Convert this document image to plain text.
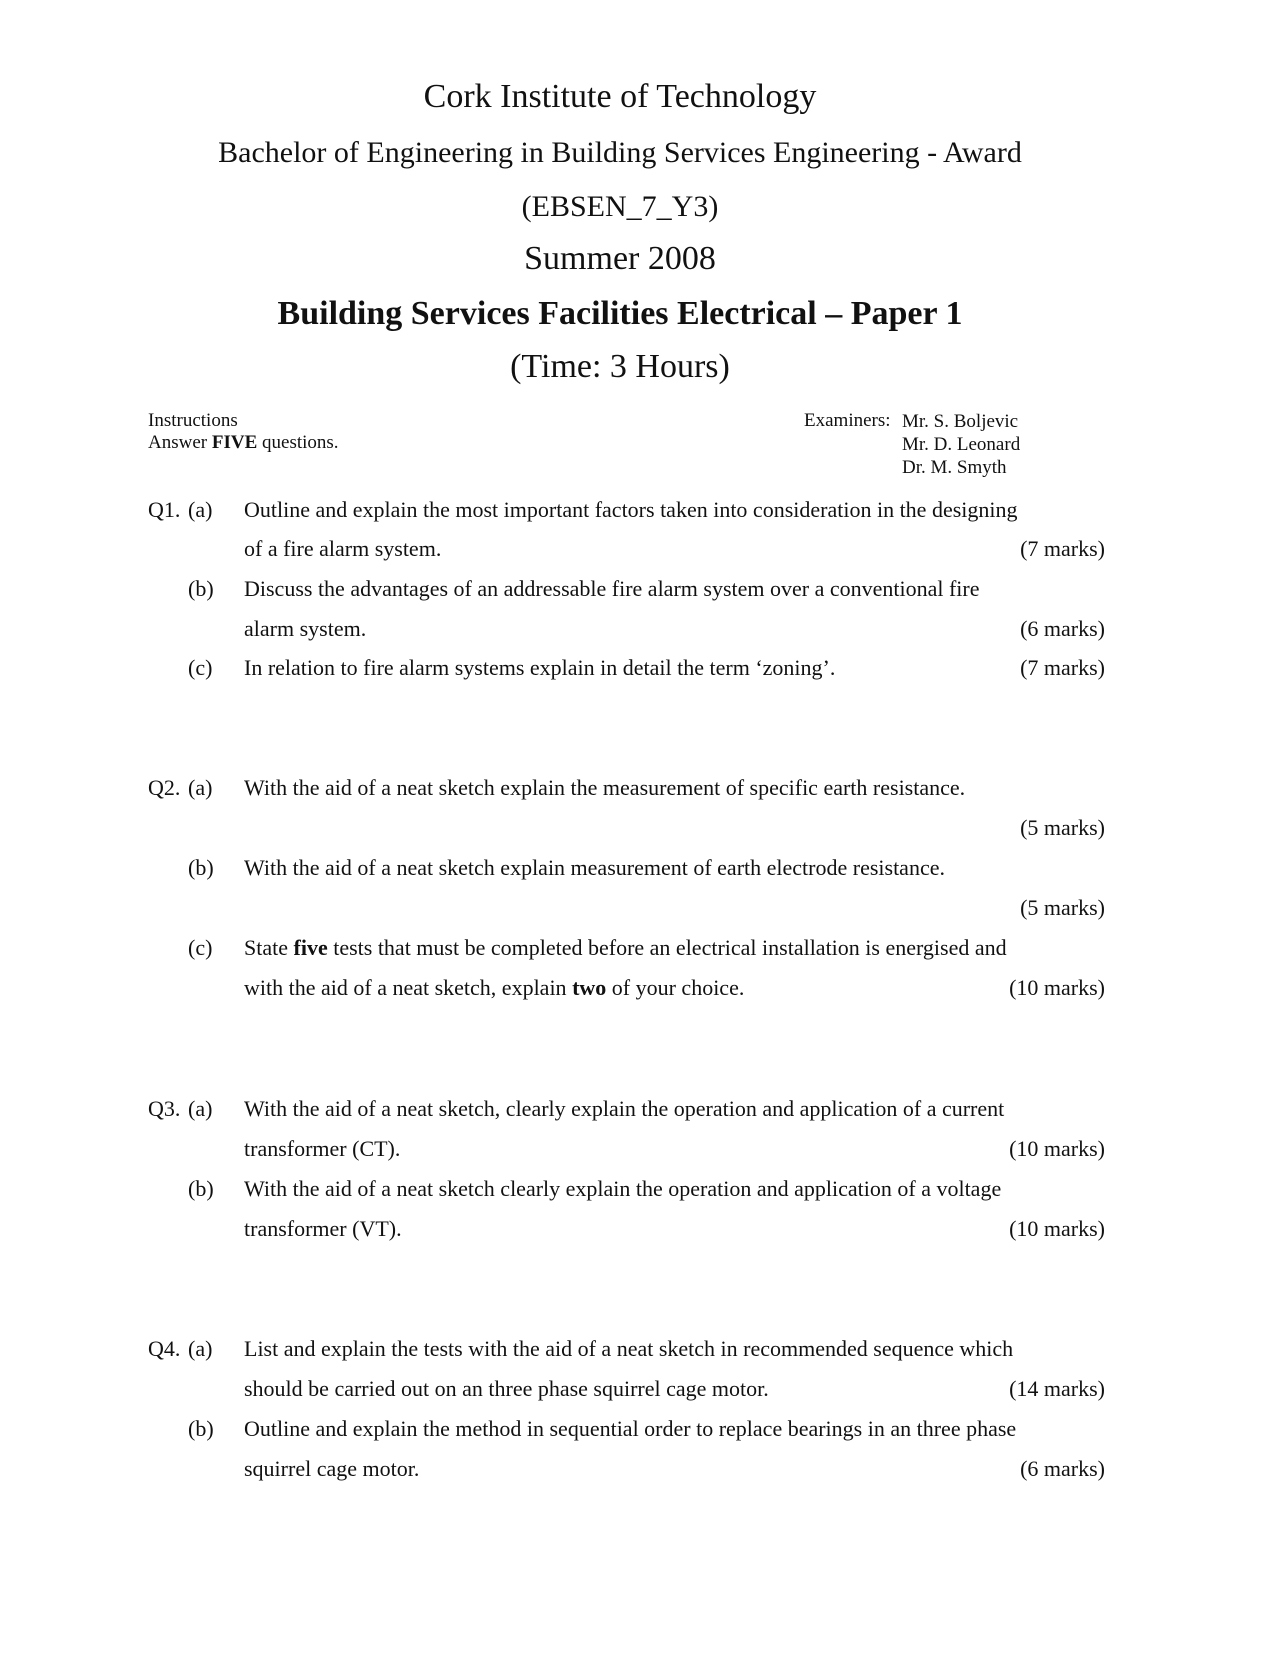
Cork Institute of Technology
Bachelor of Engineering in Building Services Engineering - Award
(EBSEN_7_Y3)
Summer 2008
Building Services Facilities Electrical – Paper 1
(Time: 3 Hours)
Instructions
Answer FIVE questions.
Examiners: Mr. S. Boljevic
Mr. D. Leonard
Dr. M. Smyth
Q1. (a) Outline and explain the most important factors taken into consideration in the designing
of a fire alarm system.	(7 marks)
(b) Discuss the advantages of an addressable fire alarm system over a conventional fire
alarm system.	(6 marks)
(c) In relation to fire alarm systems explain in detail the term ‘zoning’.	(7 marks)
Q2. (a) With the aid of a neat sketch explain the measurement of specific earth resistance.
(5 marks)
(b) With the aid of a neat sketch explain measurement of earth electrode resistance.
(5 marks)
(c) State five tests that must be completed before an electrical installation is energised and
with the aid of a neat sketch, explain two of your choice.	(10 marks)
Q3. (a) With the aid of a neat sketch, clearly explain the operation and application of a current
transformer (CT).	(10 marks)
(b) With the aid of a neat sketch clearly explain the operation and application of a voltage
transformer (VT).	(10 marks)
Q4. (a) List and explain the tests with the aid of a neat sketch in recommended sequence which
should be carried out on an three phase squirrel cage motor.	(14 marks)
(b) Outline and explain the method in sequential order to replace bearings in an three phase
squirrel cage motor.	(6 marks)
